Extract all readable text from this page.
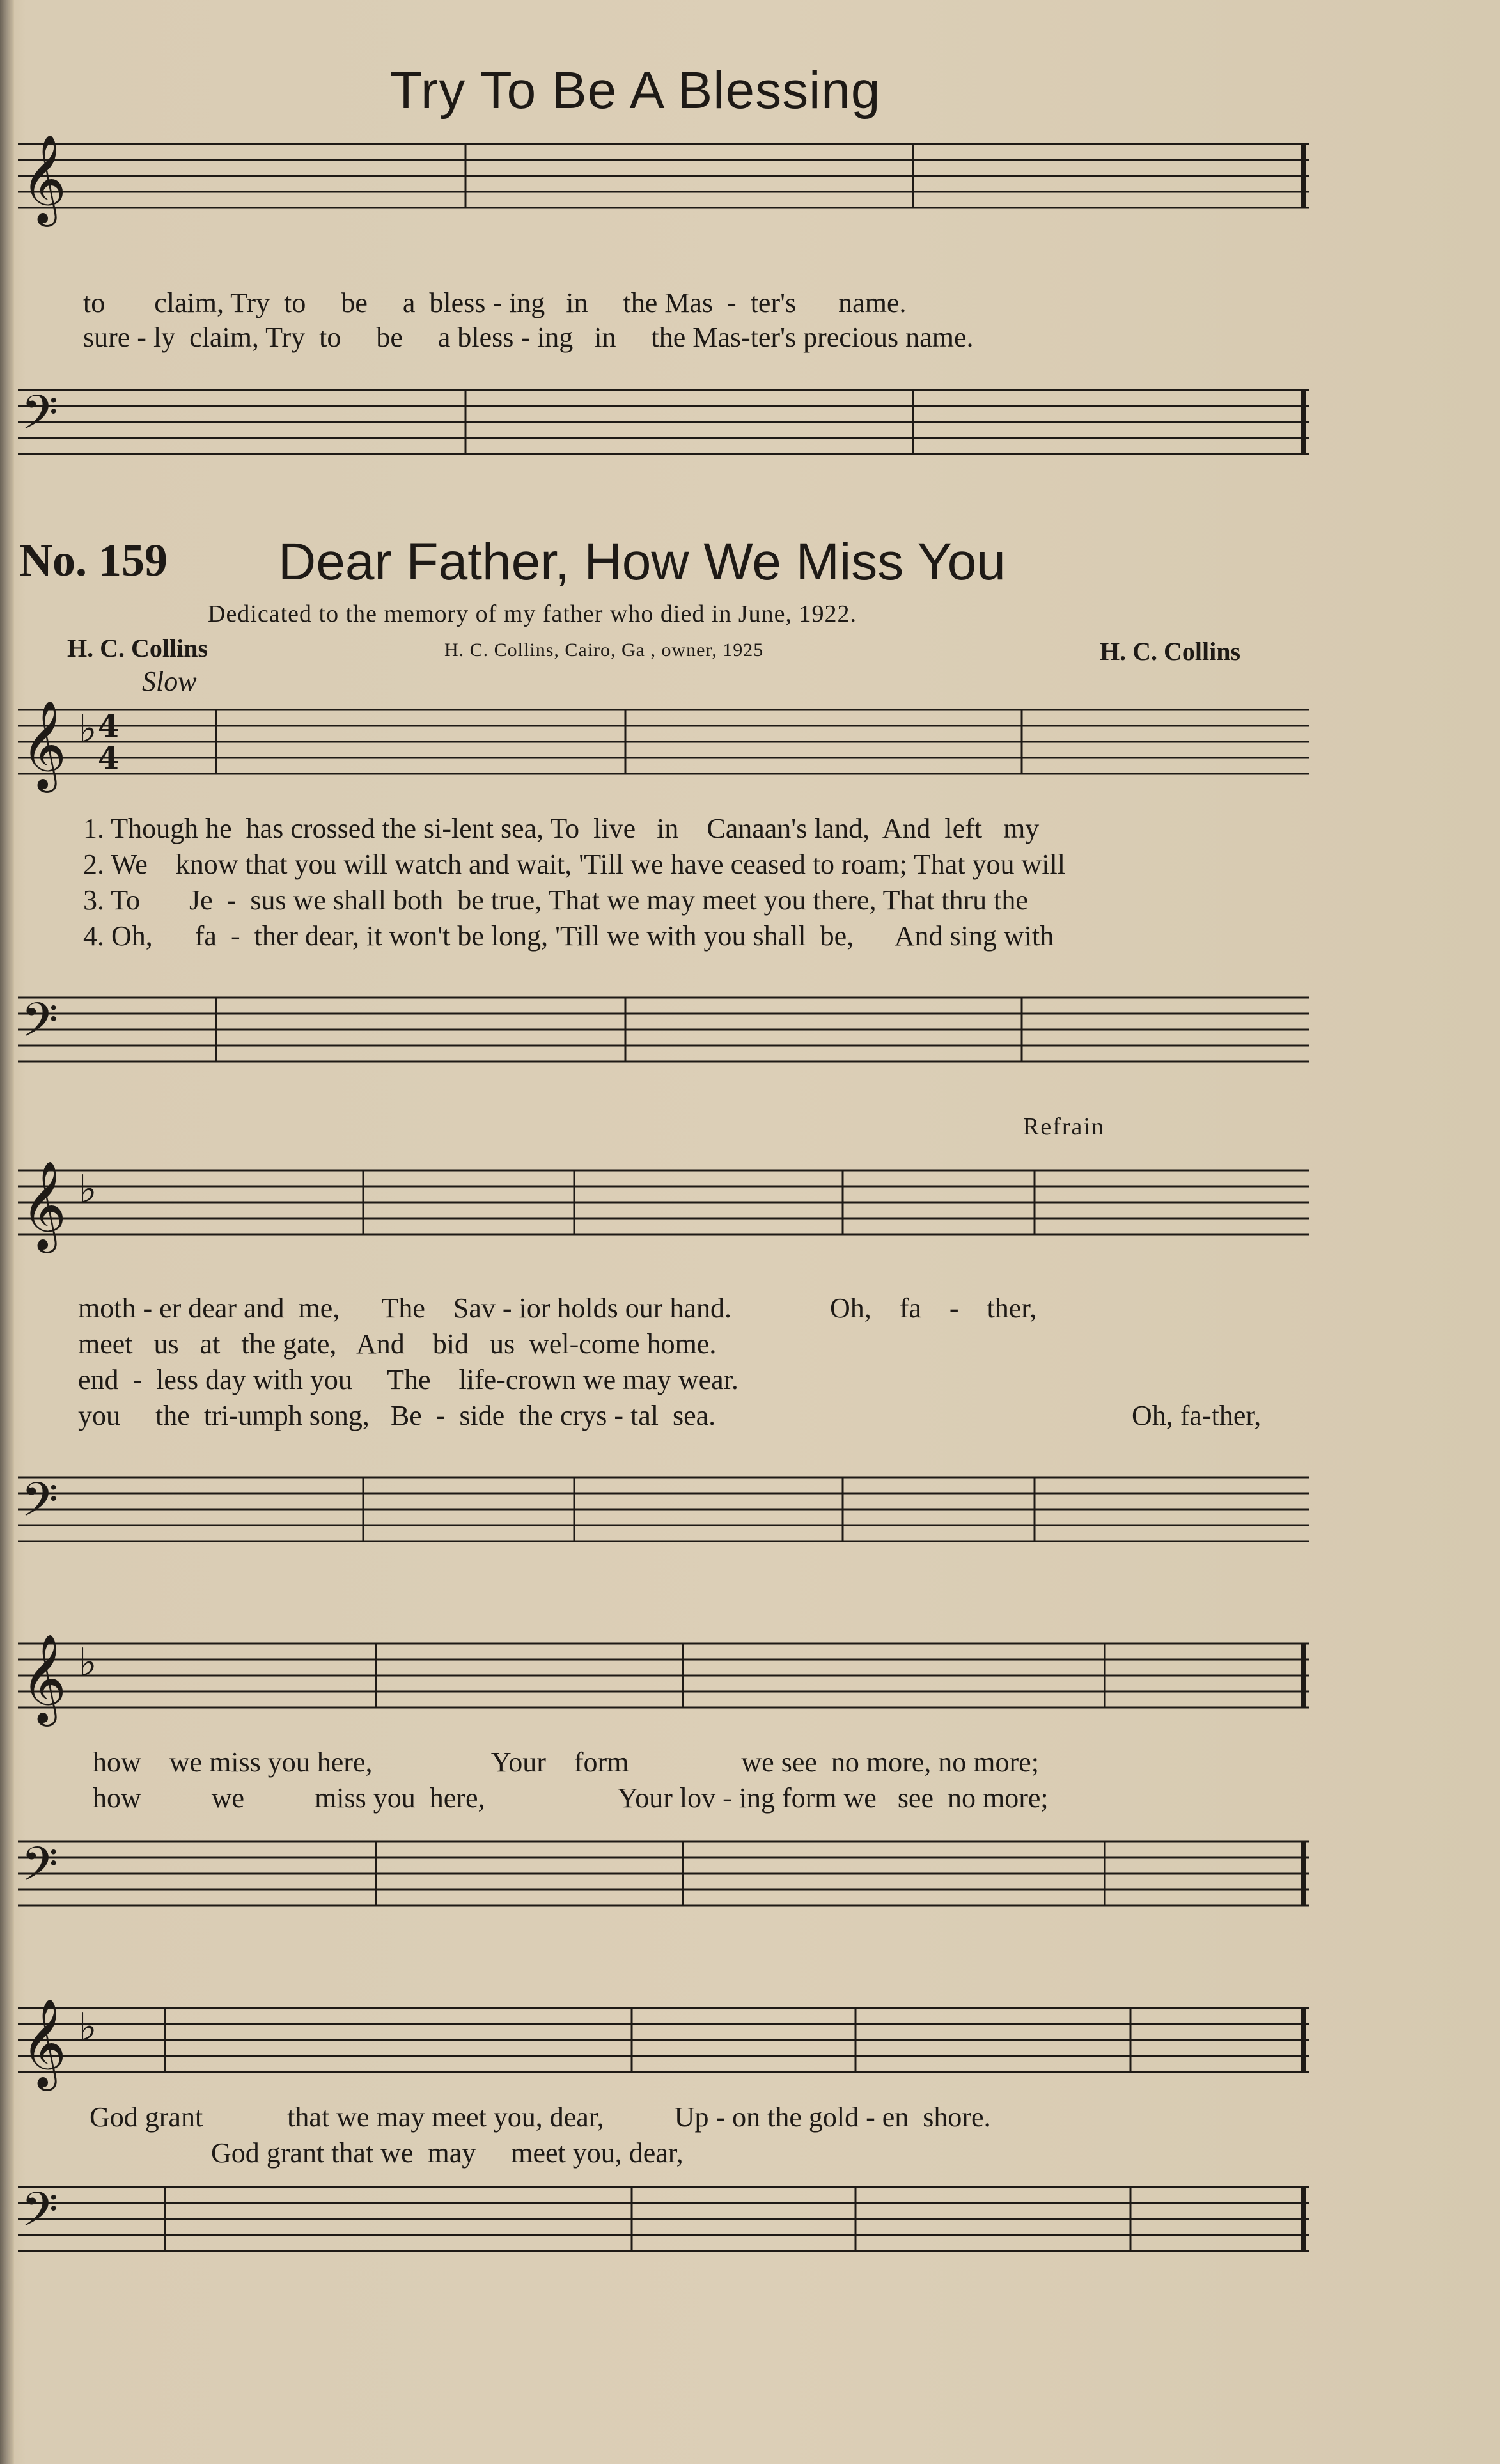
Try To Be A Blessing
𝄞
to       claim, Try  to     be     a  bless - ing   in     the Mas  -  ter's      name.
sure - ly  claim, Try  to     be     a bless - ing   in     the Mas-ter's precious name.
𝄢
No. 159 Dear Father, How We Miss You
Dedicated to the memory of my father who died in June, 1922.
H. C. Collins	H. C. Collins, Cairo, Ga , owner, 1925	H. C. Collins
Slow
𝄞 ♭ 4
4
1. Though he  has crossed the si-lent sea, To  live   in    Canaan's land,  And  left   my
2. We    know that you will watch and wait, 'Till we have ceased to roam; That you will
3. To       Je  -  sus we shall both  be true, That we may meet you there, That thru the
4. Oh,      fa  -  ther dear, it won't be long, 'Till we with you shall  be,      And sing with
𝄢
Refrain
𝄞 ♭
moth - er dear and  me,      The    Sav - ior holds our hand.              Oh,    fa    -    ther,
meet   us   at   the gate,   And    bid   us  wel-come home.
end  -  less day with you     The    life-crown we may wear.
you     the  tri-umph song,   Be  -  side  the crys - tal  sea.	Oh, fa-ther,
𝄢
𝄞 ♭
how    we miss you here,                 Your    form                we see  no more, no more;
how          we          miss you  here,                   Your lov - ing form we   see  no more;
𝄢
𝄞 ♭
God grant            that we may meet you, dear,          Up - on the gold - en  shore.
God grant that we  may     meet you, dear,
𝄢
